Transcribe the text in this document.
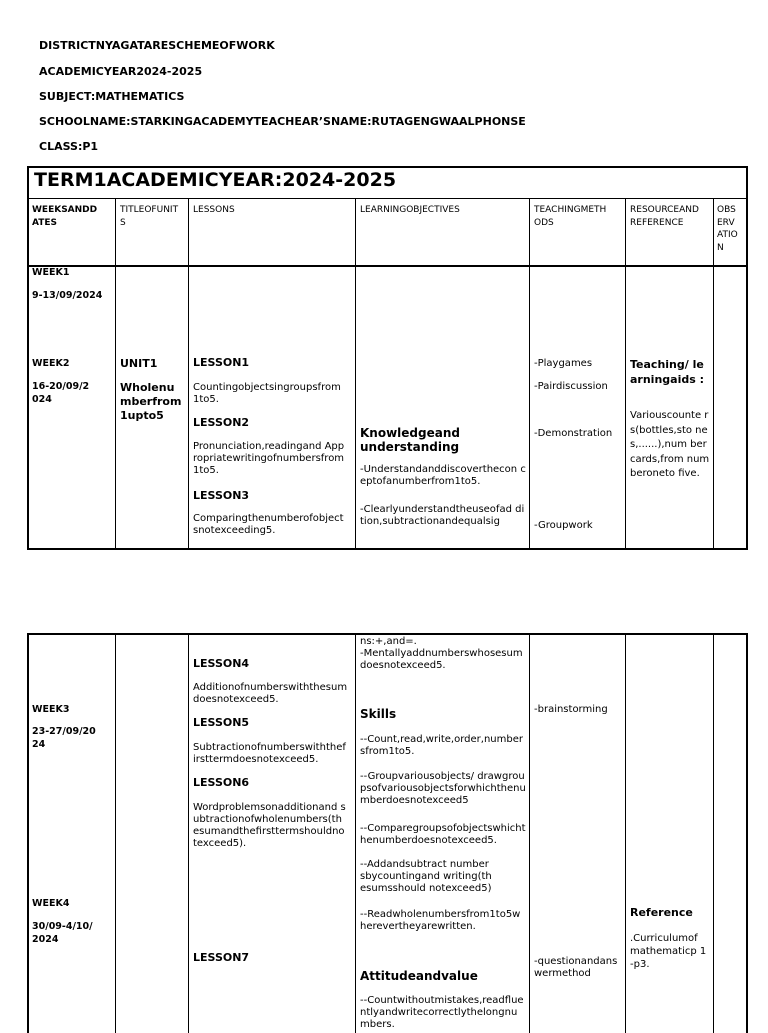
DISTRICTNYAGATARESCHEMEOFWORK
ACADEMICYEAR2024-2025
SUBJECT:MATHEMATICS
SCHOOLNAME:STARKINGACADEMYTEACHEAR’SNAME:RUTAGENGWAALPHONSE
CLASS:P1
TERM1ACADEMICYEAR:2024-2025
WEEKSANDD ATES
TITLEOFUNIT S
LESSONS	LEARNINGOBJECTIVES	TEACHINGMETH ODS
RESOURCEAND REFERENCE
OBS ERV ATIO N
WEEK1
9-13/09/2024
WEEK2
16-20/09/2024
UNIT1
Wholenu mberfrom 1upto5
LESSON1
Countingobjectsingroupsfrom1to5.
LESSON2
Pronunciation,readingand Appropriatewritingofnumbersfrom1to5.
LESSON3
Comparingthenumberofobjectsnotexceeding5.
Knowledgeand understanding
-Understandanddiscoverthecon ceptofanumberfrom1to5.
-Clearlyunderstandtheuseofad dition,subtractionandequalsig
-Playgames
-Pairdiscussion
-Demonstration
-Groupwork
Teaching/ learningaids :
Variouscounte rs(bottles,sto nes,......),num bercards,from numberoneto five.
WEEK3
23-27/09/2024
WEEK4
30/09-4/10/2024
LESSON4
Additionofnumberswiththesumdoesnotexceed5.
LESSON5
Subtractionofnumberswiththefirsttermdoesnotexceed5.
LESSON6
Wordproblemsonadditionand subtractionofwholenumbers(thesumandthefirsttermshouldnotexceed5).
LESSON7
ns:+,and=.
-Mentallyaddnumberswhosesumdoesnotexceed5.
Skills
--Count,read,write,order,numbersfrom1to5.
--Groupvariousobjects/ drawgroupsofvariousobjectsforwhichthenumberdoesnotexceed5
--Comparegroupsofobjectswhichthenumberdoesnotexceed5.
--Addandsubtract numbersbycountingand writing(thesumsshould notexceed5)
--Readwholenumbersfrom1to5wherevertheyarewritten.
Attitudeandvalue
--Countwithoutmistakes,readfluentlyandwritecorrectlythelongnumbers.
-brainstorming
-questionandanswermethod
Reference
.Curriculumof mathematicp 1-p3.
